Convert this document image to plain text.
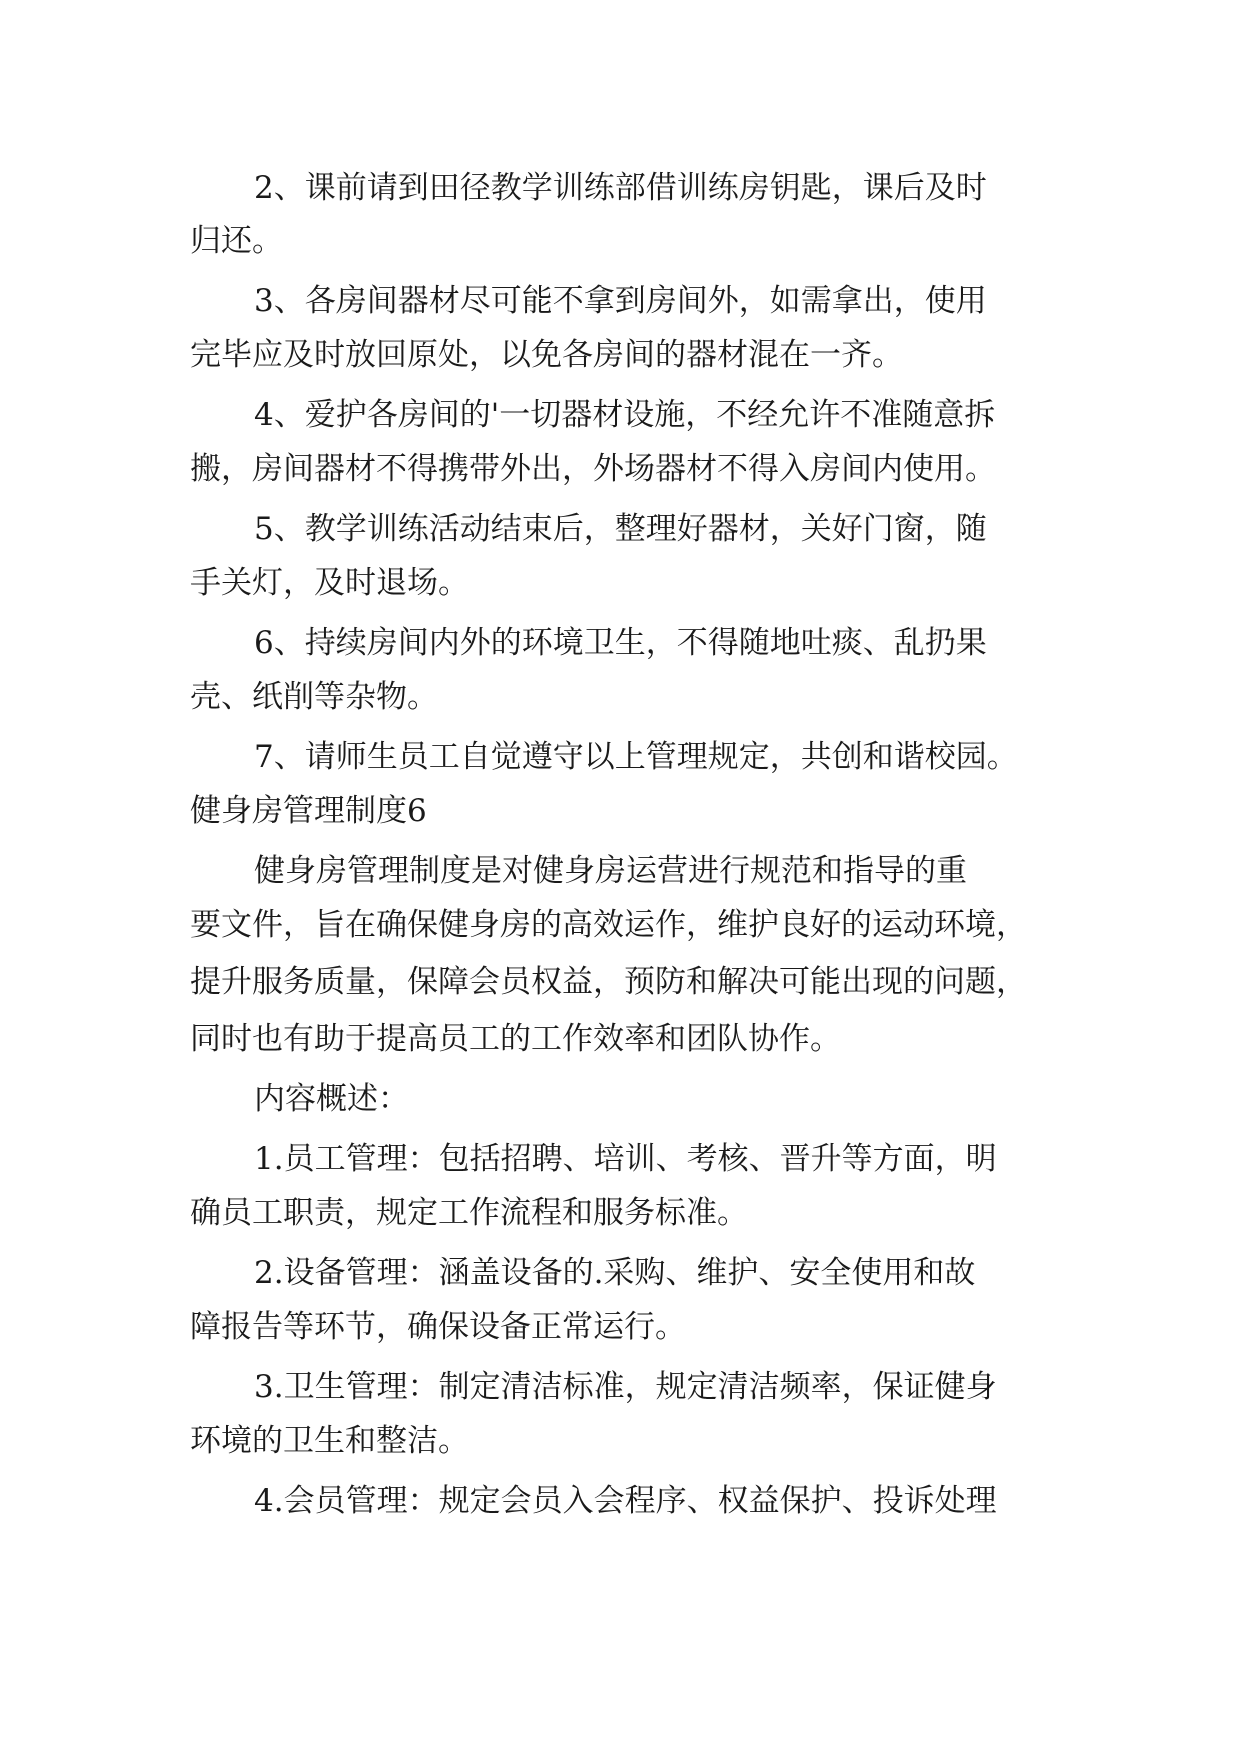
2、课前请到田径教学训练部借训练房钥匙，课后及时
归还。
3、各房间器材尽可能不拿到房间外，如需拿出，使用
完毕应及时放回原处，以免各房间的器材混在一齐。
4、爱护各房间的'一切器材设施，不经允许不准随意拆
搬，房间器材不得携带外出，外场器材不得入房间内使用。
5、教学训练活动结束后，整理好器材，关好门窗，随
手关灯，及时退场。
6、持续房间内外的环境卫生，不得随地吐痰、乱扔果
壳、纸削等杂物。
7、请师生员工自觉遵守以上管理规定，共创和谐校园。
健身房管理制度6
健身房管理制度是对健身房运营进行规范和指导的重
要文件，旨在确保健身房的高效运作，维护良好的运动环境，
提升服务质量，保障会员权益，预防和解决可能出现的问题，
同时也有助于提高员工的工作效率和团队协作。
内容概述：
1.员工管理：包括招聘、培训、考核、晋升等方面，明
确员工职责，规定工作流程和服务标准。
2.设备管理：涵盖设备的.采购、维护、安全使用和故
障报告等环节，确保设备正常运行。
3.卫生管理：制定清洁标准，规定清洁频率，保证健身
环境的卫生和整洁。
4.会员管理：规定会员入会程序、权益保护、投诉处理
